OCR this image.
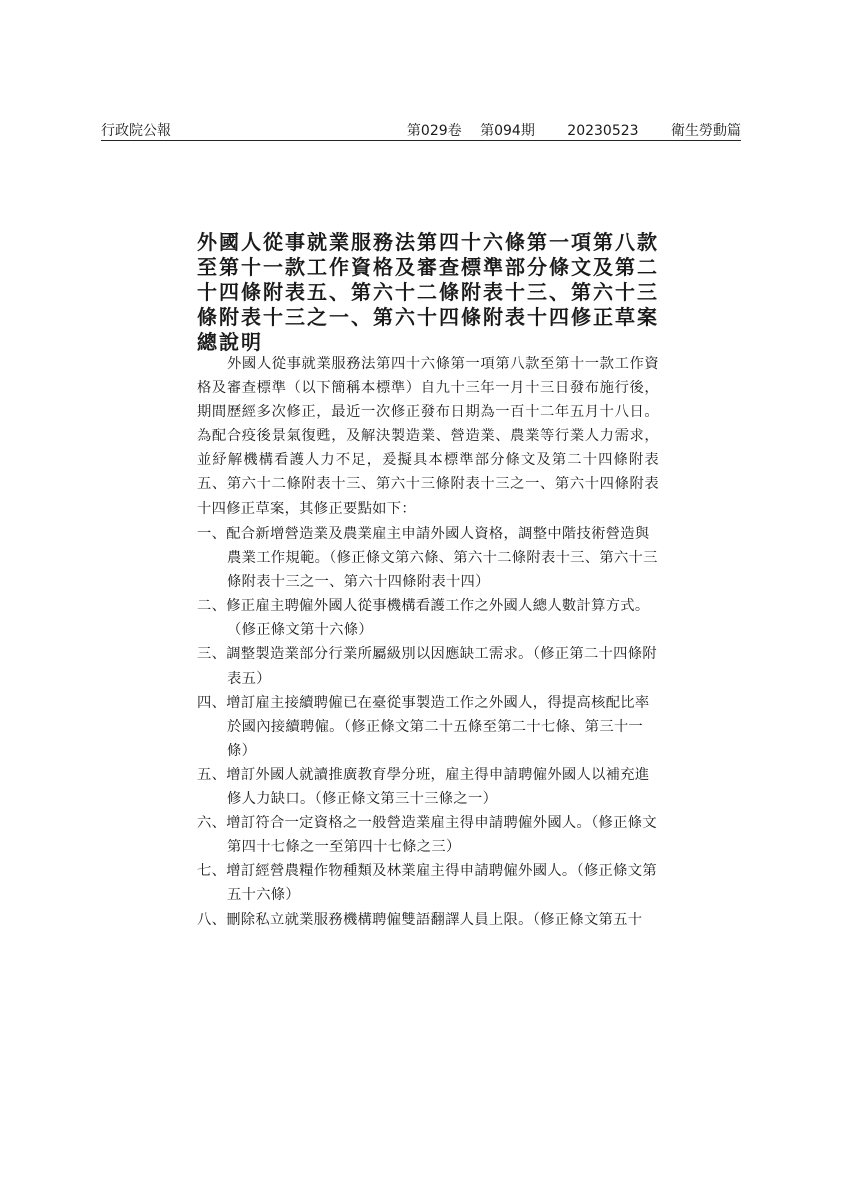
行政院公報	第029卷 第094期 20230523 衛生勞動篇
外國人從事就業服務法第四十六條第一項第八款至第十一款工作資格及審查標準部分條文及第二十四條附表五、第六十二條附表十三、第六十三條附表十三之一、第六十四條附表十四修正草案總說明

外國人從事就業服務法第四十六條第一項第八款至第十一款工作資格及審查標準（以下簡稱本標準）自九十三年一月十三日發布施行後，期間歷經多次修正，最近一次修正發布日期為一百十二年五月十八日。為配合疫後景氣復甦，及解決製造業、營造業、農業等行業人力需求，並紓解機構看護人力不足，爰擬具本標準部分條文及第二十四條附表五、第六十二條附表十三、第六十三條附表十三之一、第六十四條附表十四修正草案，其修正要點如下：

一、配合新增營造業及農業雇主申請外國人資格，調整中階技術營造與農業工作規範。（修正條文第六條、第六十二條附表十三、第六十三條附表十三之一、第六十四條附表十四）
二、修正雇主聘僱外國人從事機構看護工作之外國人總人數計算方式。（修正條文第十六條）
三、調整製造業部分行業所屬級別以因應缺工需求。（修正第二十四條附表五）
四、增訂雇主接續聘僱已在臺從事製造工作之外國人，得提高核配比率於國內接續聘僱。（修正條文第二十五條至第二十七條、第三十一條）
五、增訂外國人就讀推廣教育學分班，雇主得申請聘僱外國人以補充進修人力缺口。（修正條文第三十三條之一）
六、增訂符合一定資格之一般營造業雇主得申請聘僱外國人。（修正條文第四十七條之一至第四十七條之三）
七、增訂經營農糧作物種類及林業雇主得申請聘僱外國人。（修正條文第五十六條）
八、刪除私立就業服務機構聘僱雙語翻譯人員上限。（修正條文第五十
